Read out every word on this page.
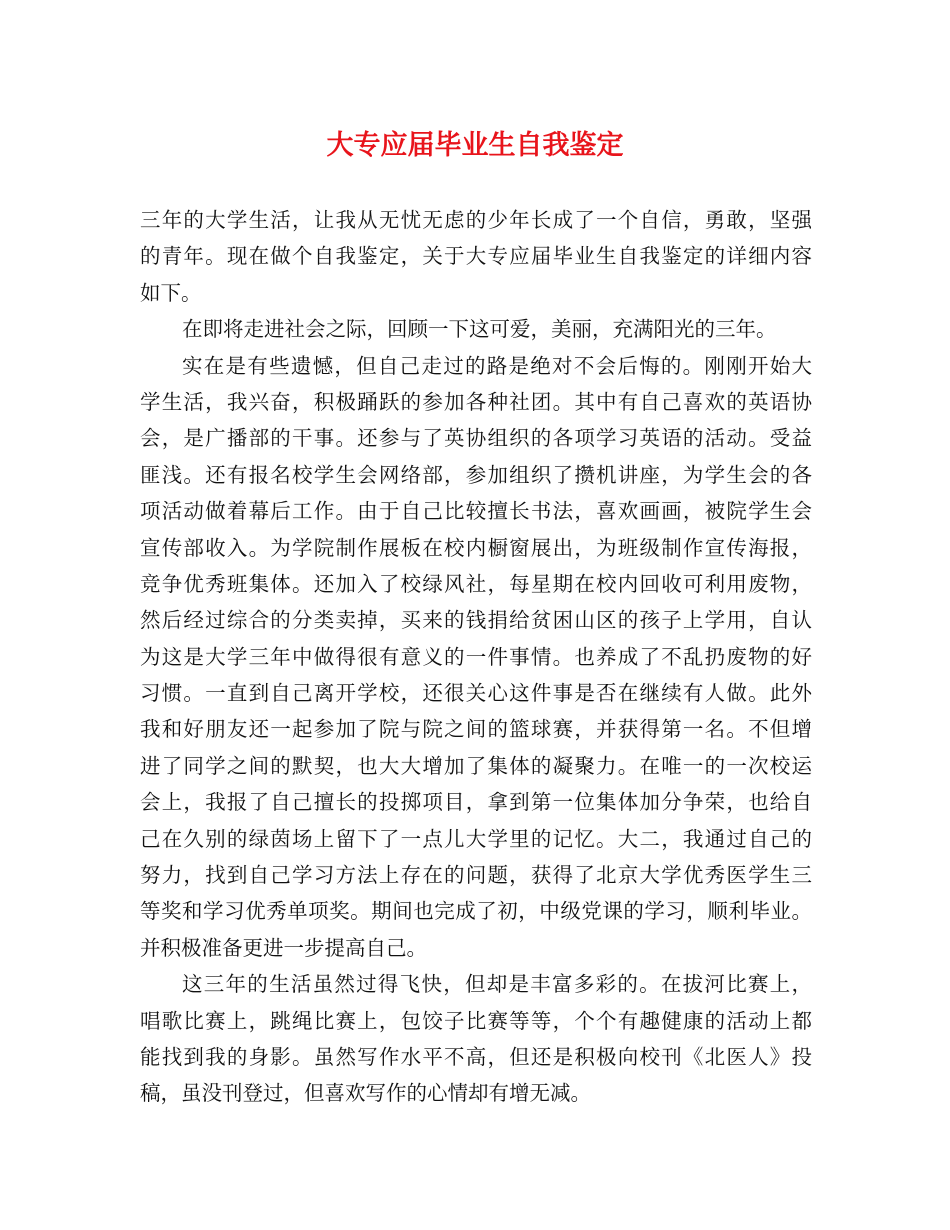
大专应届毕业生自我鉴定
三年的大学生活，让我从无忧无虑的少年长成了一个自信，勇敢，坚强
的青年。现在做个自我鉴定，关于大专应届毕业生自我鉴定的详细内容
如下。
在即将走进社会之际，回顾一下这可爱，美丽，充满阳光的三年。
实在是有些遗憾，但自己走过的路是绝对不会后悔的。刚刚开始大
学生活，我兴奋，积极踊跃的参加各种社团。其中有自己喜欢的英语协
会，是广播部的干事。还参与了英协组织的各项学习英语的活动。受益
匪浅。还有报名校学生会网络部，参加组织了攒机讲座，为学生会的各
项活动做着幕后工作。由于自己比较擅长书法，喜欢画画，被院学生会
宣传部收入。为学院制作展板在校内橱窗展出，为班级制作宣传海报，
竞争优秀班集体。还加入了校绿风社，每星期在校内回收可利用废物，
然后经过综合的分类卖掉，买来的钱捐给贫困山区的孩子上学用，自认
为这是大学三年中做得很有意义的一件事情。也养成了不乱扔废物的好
习惯。一直到自己离开学校，还很关心这件事是否在继续有人做。此外
我和好朋友还一起参加了院与院之间的篮球赛，并获得第一名。不但增
进了同学之间的默契，也大大增加了集体的凝聚力。在唯一的一次校运
会上，我报了自己擅长的投掷项目，拿到第一位集体加分争荣，也给自
己在久别的绿茵场上留下了一点儿大学里的记忆。大二，我通过自己的
努力，找到自己学习方法上存在的问题，获得了北京大学优秀医学生三
等奖和学习优秀单项奖。期间也完成了初，中级党课的学习，顺利毕业。
并积极准备更进一步提高自己。
这三年的生活虽然过得飞快，但却是丰富多彩的。在拔河比赛上，
唱歌比赛上，跳绳比赛上，包饺子比赛等等，个个有趣健康的活动上都
能找到我的身影。虽然写作水平不高，但还是积极向校刊《北医人》投
稿，虽没刊登过，但喜欢写作的心情却有增无减。
